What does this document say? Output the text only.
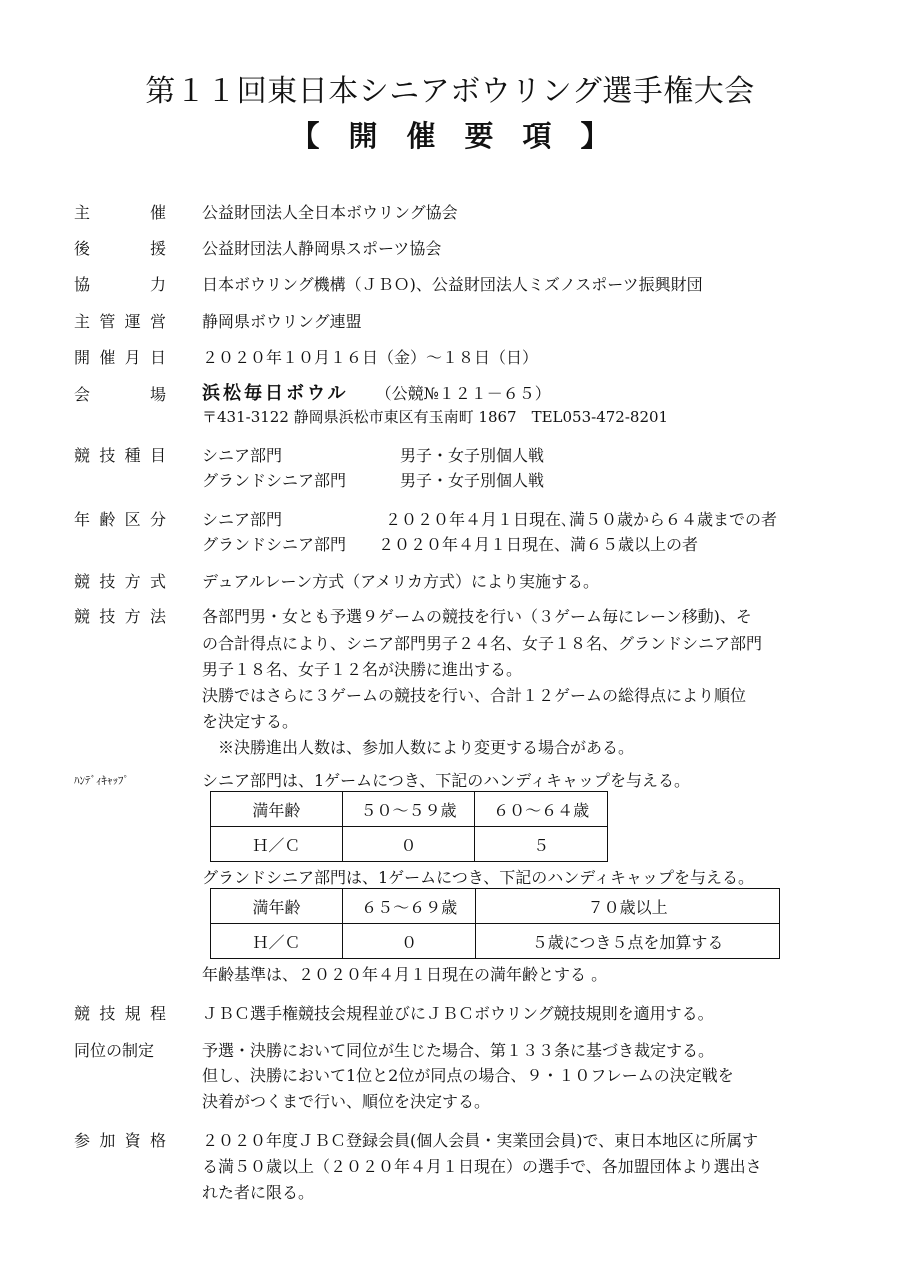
第１１回東日本シニアボウリング選手権大会
【　開　催　要　項　】
主	催 公益財団法人全日本ボウリング協会
後	援 公益財団法人静岡県スポーツ協会
協	力 日本ボウリング機構（ＪＢＯ)、公益財団法人ミズノスポーツ振興財団
主 管 運 営 静岡県ボウリング連盟
開 催 月 日 ２０２０年１０月１６日（金）～１８日（日）
会	場 浜松毎日ボウル （公競№１２１－６５）
〒431-3122 静岡県浜松市東区有玉南町 1867　TEL053-472-8201
競 技 種 目 シニア部門	男子・女子別個人戦
グランドシニア部門	男子・女子別個人戦
年 齢 区 分 シニア部門	２０２０年４月１日現在､満５０歳から６４歳までの者
グランドシニア部門 ２０２０年４月１日現在、満６５歳以上の者
競 技 方 式 デュアルレーン方式（アメリカ方式）により実施する。
競 技 方 法 各部門男・女とも予選９ゲームの競技を行い（３ゲーム毎にレーン移動)、そ
の合計得点により、シニア部門男子２４名、女子１８名、グランドシニア部門
男子１８名、女子１２名が決勝に進出する。
決勝ではさらに３ゲームの競技を行い、合計１２ゲームの総得点により順位
を決定する。
※決勝進出人数は、参加人数により変更する場合がある。
ﾊﾝﾃﾞｨｷｬｯﾌﾟ	シニア部門は、1ゲームにつき、下記のハンディキャップを与える。
満年齢	５０～５９歳	６０～６４歳
Ｈ／Ｃ	０	５
グランドシニア部門は、1ゲームにつき、下記のハンディキャップを与える。
満年齢	６５～６９歳	７０歳以上
Ｈ／Ｃ	０	５歳につき５点を加算する
年齢基準は、２０２０年４月１日現在の満年齢とする 。
競 技 規 程 ＪＢＣ選手権競技会規程並びにＪＢＣボウリング競技規則を適用する。
同位の制定	予選・決勝において同位が生じた場合、第１３３条に基づき裁定する。
但し、決勝において1位と2位が同点の場合、９・１０フレームの決定戦を
決着がつくまで行い、順位を決定する。
参 加 資 格 ２０２０年度ＪＢＣ登録会員(個人会員・実業団会員)で、東日本地区に所属す
る満５０歳以上（２０２０年４月１日現在）の選手で、各加盟団体より選出さ
れた者に限る。
